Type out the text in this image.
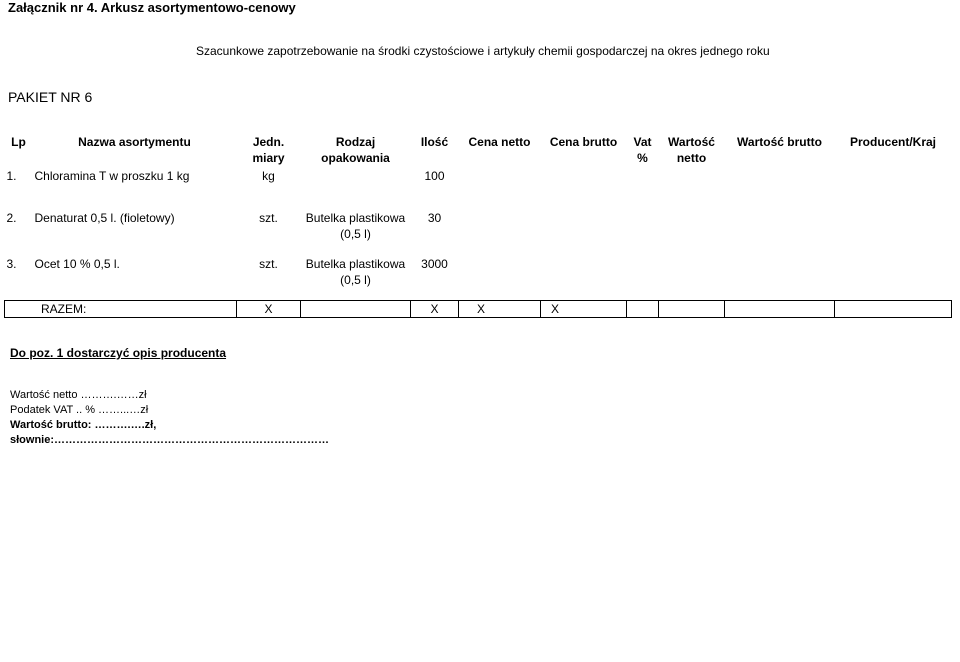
Załącznik nr 4. Arkusz asortymentowo-cenowy
Szacunkowe zapotrzebowanie na środki czystościowe i artykuły chemii gospodarczej na okres jednego roku
PAKIET NR 6
Lp	Nazwa asortymentu	Jedn. miary	Rodzaj opakowania	Ilość	Cena netto	Cena brutto	Vat %	Wartość netto	Wartość brutto	Producent/Kraj
1.	Chloramina T w proszku 1 kg	kg		100						
2.	Denaturat 0,5 l. (fioletowy)	szt.	Butelka plastikowa (0,5 l)	30						
3.	Ocet 10 % 0,5 l.	szt.	Butelka plastikowa (0,5 l)	3000						
RAZEM:		X		X	X	X				
Do poz. 1 dostarczyć opis producenta
Wartość netto ……….……zł
Podatek VAT .. % ……...…zł
Wartość brutto: ……….….zł,
słownie:…………………………………………………………………
